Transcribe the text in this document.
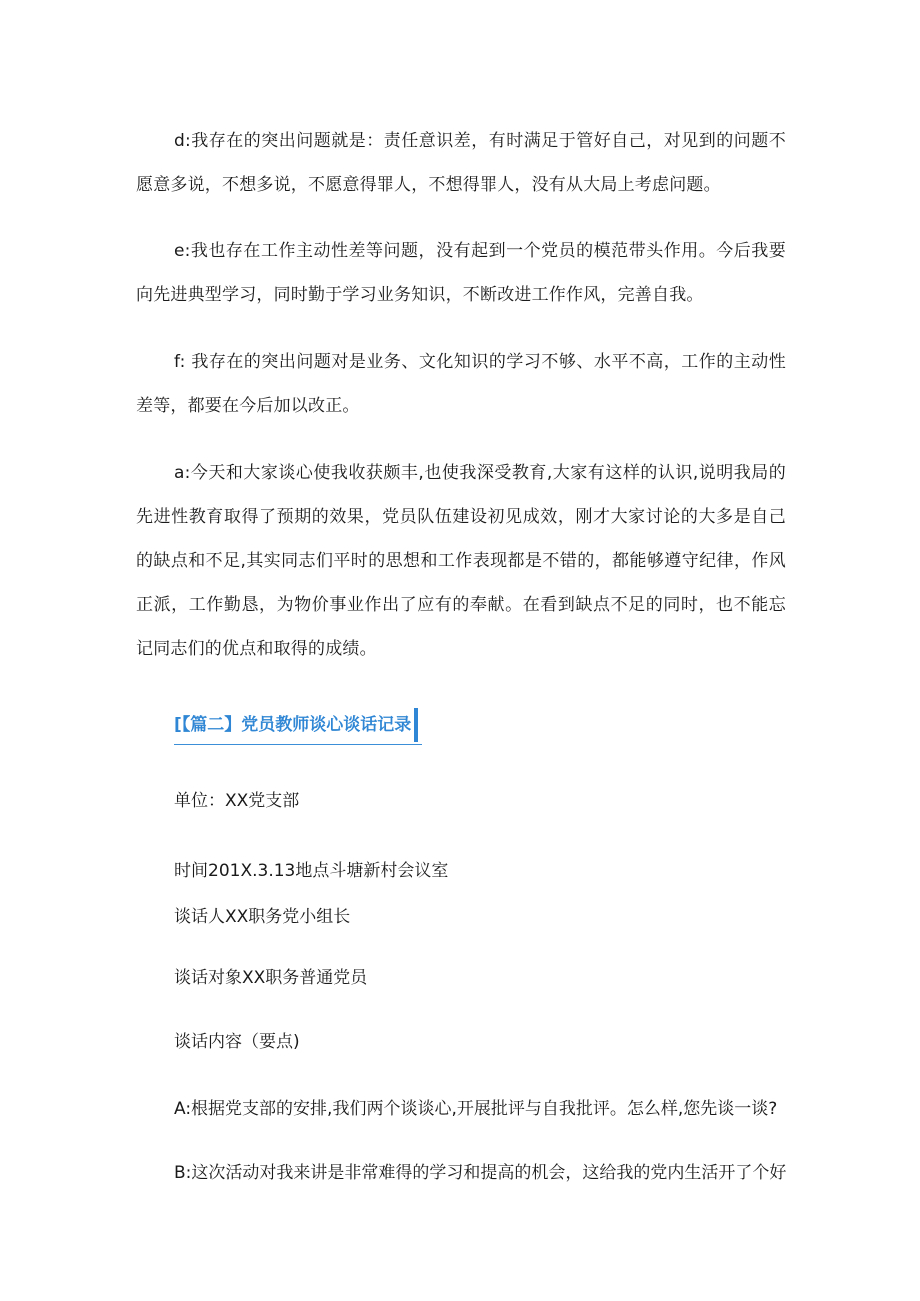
d:我存在的突出问题就是：责任意识差，有时满足于管好自己，对见到的问题不愿意多说，不想多说，不愿意得罪人，不想得罪人，没有从大局上考虑问题。

e:我也存在工作主动性差等问题，没有起到一个党员的模范带头作用。今后我要向先进典型学习，同时勤于学习业务知识，不断改进工作作风，完善自我。

f: 我存在的突出问题对是业务、文化知识的学习不够、水平不高，工作的主动性差等，都要在今后加以改正。

a:今天和大家谈心使我收获颇丰,也使我深受教育,大家有这样的认识,说明我局的先进性教育取得了预期的效果，党员队伍建设初见成效，刚才大家讨论的大多是自己的缺点和不足,其实同志们平时的思想和工作表现都是不错的，都能够遵守纪律，作风正派，工作勤恳，为物价事业作出了应有的奉献。在看到缺点不足的同时，也不能忘记同志们的优点和取得的成绩。

[【篇二】党员教师谈心谈话记录

单位：XX党支部

时间201X.3.13地点斗塘新村会议室

谈话人XX职务党小组长

谈话对象XX职务普通党员

谈话内容（要点)

A:根据党支部的安排,我们两个谈谈心,开展批评与自我批评。怎么样,您先谈一谈?

B:这次活动对我来讲是非常难得的学习和提高的机会，这给我的党内生活开了个好
